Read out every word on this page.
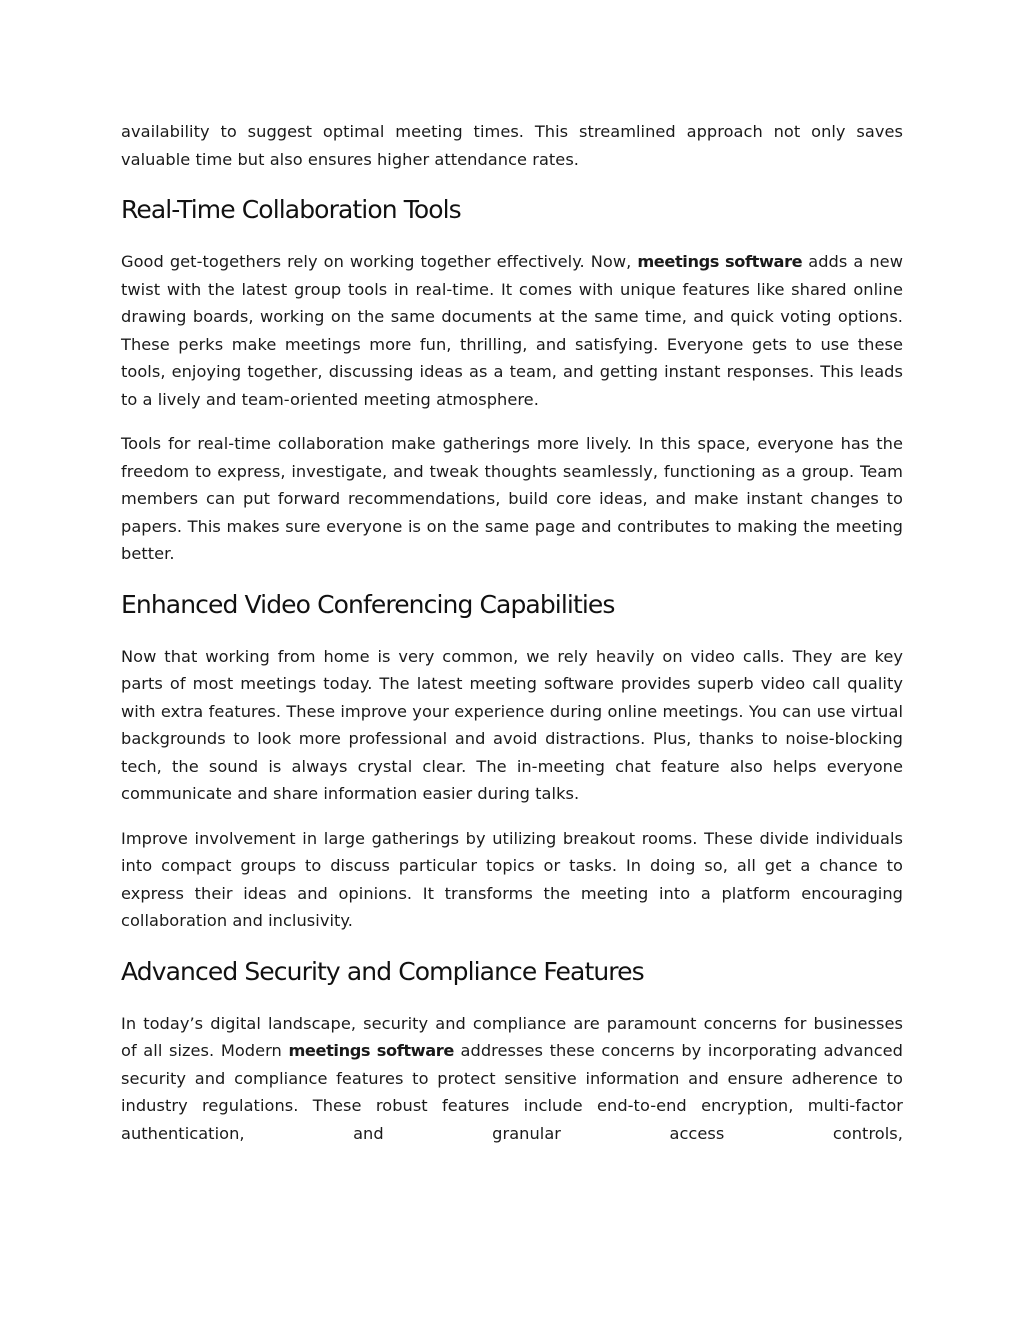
availability to suggest optimal meeting times. This streamlined approach not only saves valuable time but also ensures higher attendance rates.

Real-Time Collaboration Tools

Good get-togethers rely on working together effectively. Now, meetings software adds a new twist with the latest group tools in real-time. It comes with unique features like shared online drawing boards, working on the same documents at the same time, and quick voting options. These perks make meetings more fun, thrilling, and satisfying. Everyone gets to use these tools, enjoying together, discussing ideas as a team, and getting instant responses. This leads to a lively and team-oriented meeting atmosphere.

Tools for real-time collaboration make gatherings more lively. In this space, everyone has the freedom to express, investigate, and tweak thoughts seamlessly, functioning as a group. Team members can put forward recommendations, build core ideas, and make instant changes to papers. This makes sure everyone is on the same page and contributes to making the meeting better.

Enhanced Video Conferencing Capabilities

Now that working from home is very common, we rely heavily on video calls. They are key parts of most meetings today. The latest meeting software provides superb video call quality with extra features. These improve your experience during online meetings. You can use virtual backgrounds to look more professional and avoid distractions. Plus, thanks to noise-blocking tech, the sound is always crystal clear. The in-meeting chat feature also helps everyone communicate and share information easier during talks.

Improve involvement in large gatherings by utilizing breakout rooms. These divide individuals into compact groups to discuss particular topics or tasks. In doing so, all get a chance to express their ideas and opinions. It transforms the meeting into a platform encouraging collaboration and inclusivity.

Advanced Security and Compliance Features

In today’s digital landscape, security and compliance are paramount concerns for businesses of all sizes. Modern meetings software addresses these concerns by incorporating advanced security and compliance features to protect sensitive information and ensure adherence to industry regulations. These robust features include end-to-end encryption, multi-factor authentication, and granular access controls,
